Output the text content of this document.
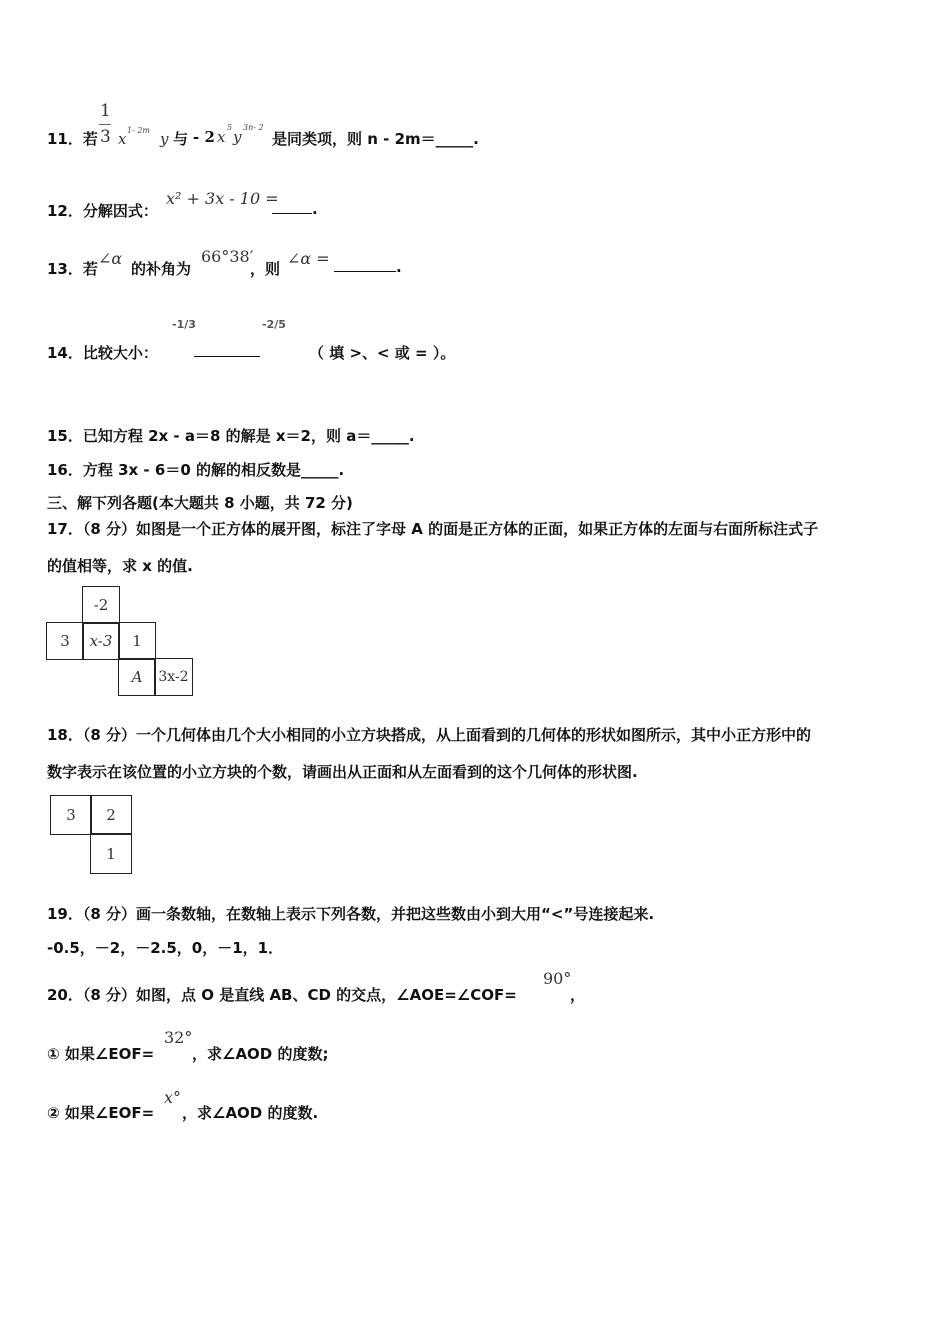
11．若
1
3 x 1- 2m y 与 - 2 x
5
y
3n- 2
是同类项，则 n - 2m＝_____.
12．分解因式：
x² + 3x - 10 =
.
13．若
∠α
的补角为
66°38′
，则
∠α =	.
14．比较大小：
-1/3	-2/5
（ 填 >、< 或 = ）。
15．已知方程 2x - a＝8 的解是 x＝2，则 a＝_____.
16．方程 3x - 6＝0 的解的相反数是_____.
三、解下列各题(本大题共 8 小题，共 72 分)
17．（8 分）如图是一个正方体的展开图，标注了字母 A 的面是正方体的正面，如果正方体的左面与右面所标注式子
的值相等，求 x 的值.
-2
3	x-3	1
A	3x-2
18．（8 分）一个几何体由几个大小相同的小立方块搭成，从上面看到的几何体的形状如图所示，其中小正方形中的
数字表示在该位置的小立方块的个数，请画出从正面和从左面看到的这个几何体的形状图.
3	2
1
19．（8 分）画一条数轴，在数轴上表示下列各数，并把这些数由小到大用“<”号连接起来.
-0.5，－2，－2.5，0，－1，1．
20．（8 分）如图，点 O 是直线 AB、CD 的交点，∠AOE=∠COF=
90°
，
① 如果∠EOF=
32°
，求∠AOD 的度数;
② 如果∠EOF=
x°
，求∠AOD 的度数.
